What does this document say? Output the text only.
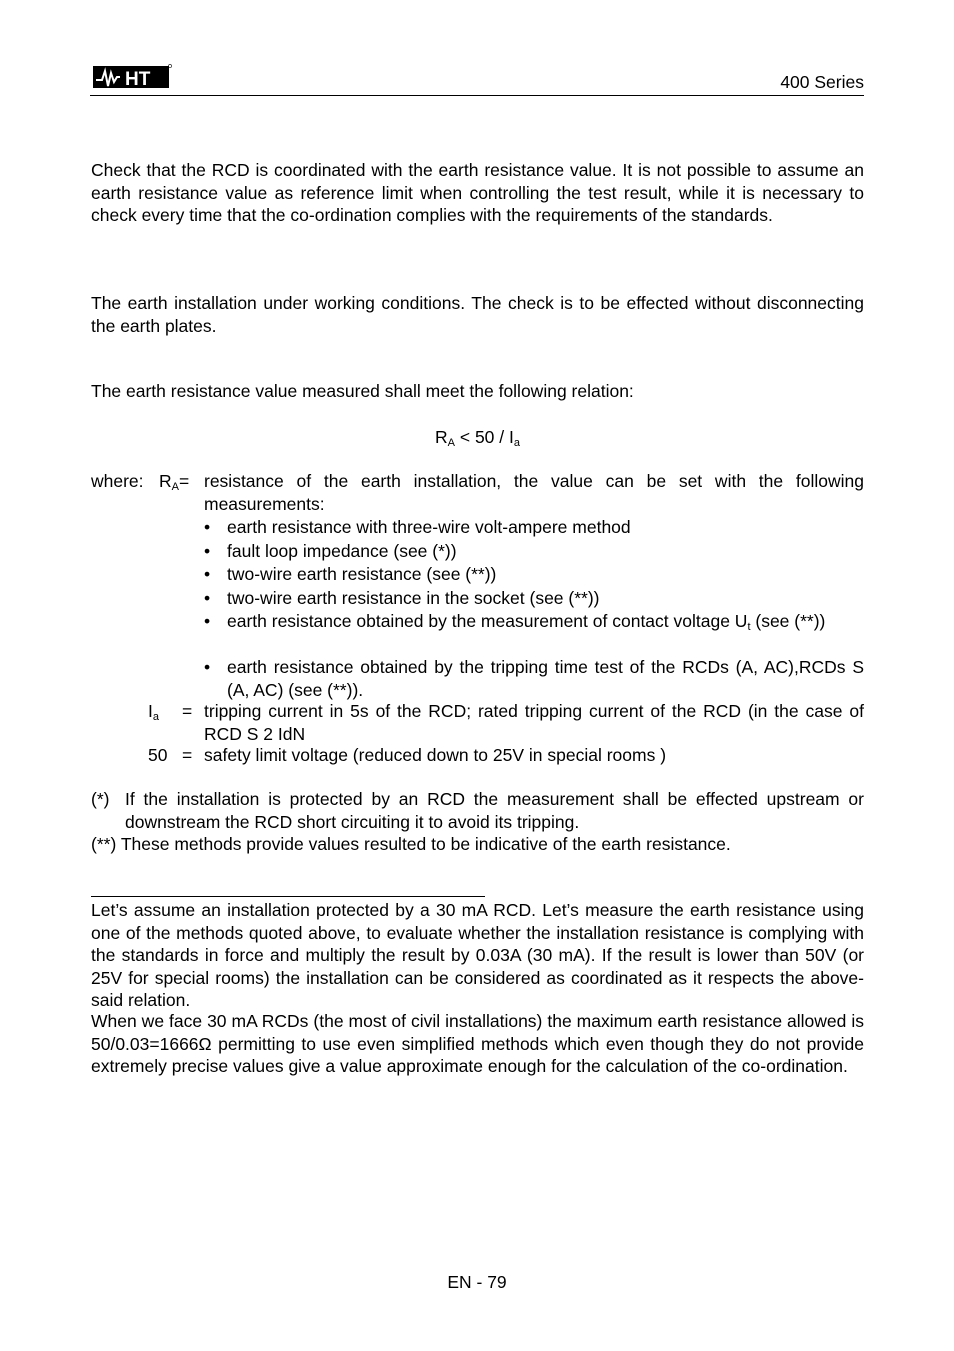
HT	400 Series
Check that the RCD is coordinated with the earth resistance value. It is not possible to assume an earth resistance value as reference limit when controlling the test result, while it is necessary to check every time that the co-ordination complies with the requirements of the standards.
The earth installation under working conditions. The check is to be effected without disconnecting the earth plates.
The earth resistance value measured shall meet the following relation:
$R_A < 50 / I_a$
where: $R_A=$ resistance of the earth installation, the value can be set with the following measurements:
• earth resistance with three-wire volt-ampere method
• fault loop impedance (see (*))
• two-wire earth resistance (see (**))
• two-wire earth resistance in the socket (see (**))
• earth resistance obtained by the measurement of contact voltage $U_t$ (see (**))
• earth resistance obtained by the tripping time test of the RCDs (A, AC),RCDs S (A, AC) (see (**)).
$I_a$ = tripping current in 5s of the RCD; rated tripping current of the RCD (in the case of RCD S 2 IdN
50 = safety limit voltage (reduced down to 25V in special rooms )
(*) If the installation is protected by an RCD the measurement shall be effected upstream or downstream the RCD short circuiting it to avoid its tripping.
(**) These methods provide values resulted to be indicative of the earth resistance.
Let’s assume an installation protected by a 30 mA RCD. Let’s measure the earth resistance using one of the methods quoted above, to evaluate whether the installation resistance is complying with the standards in force and multiply the result by 0.03A (30 mA). If the result is lower than 50V (or 25V for special rooms) the installation can be considered as coordinated as it respects the above-said relation.
When we face 30 mA RCDs (the most of civil installations) the maximum earth resistance allowed is 50/0.03=1666Ω permitting to use even simplified methods which even though they do not provide extremely precise values give a value approximate enough for the calculation of the co-ordination.
EN - 79
